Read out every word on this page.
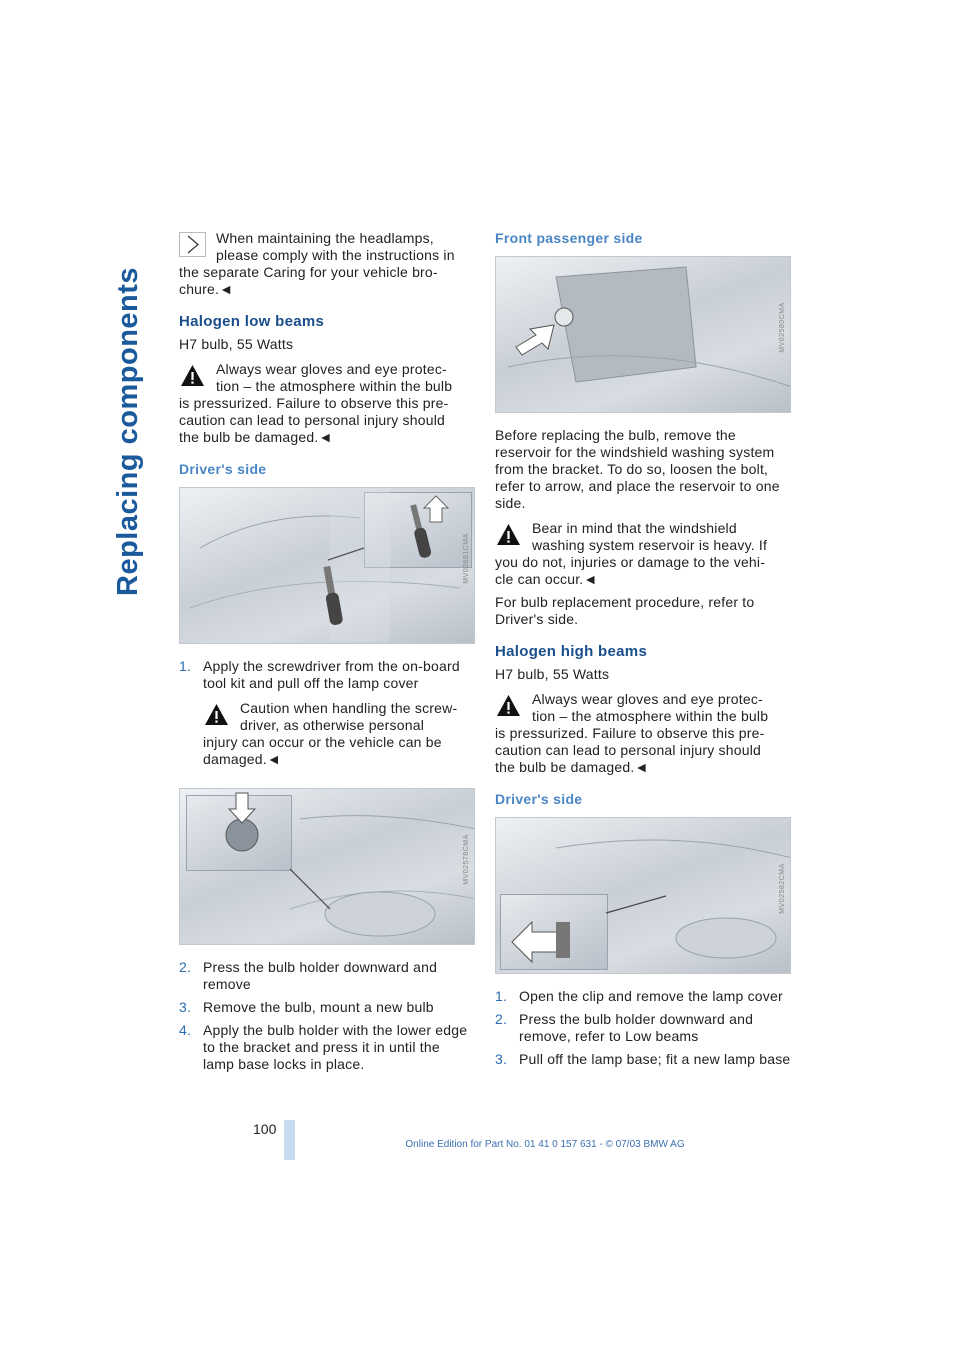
Replacing components
When maintaining the headlamps,
please comply with the instructions in
the separate Caring for your vehicle bro-
chure.◄
Halogen low beams

H7 bulb, 55 Watts

Always wear gloves and eye protec-
tion – the atmosphere within the bulb
is pressurized. Failure to observe this pre-
caution can lead to personal injury should
the bulb be damaged.◄
Driver's side
MV02681CMA
1. Apply the screwdriver from the on-board tool kit and pull off the lamp cover
Caution when handling the screw-
driver, as otherwise personal
injury can occur or the vehicle can be
damaged.◄
MV02578CMA
2. Press the bulb holder downward and remove
3. Remove the bulb, mount a new bulb
4. Apply the bulb holder with the lower edge to the bracket and press it in until the lamp base locks in place.
Front passenger side
MV02580CMA

Before replacing the bulb, remove the reservoir for the windshield washing system from the bracket. To do so, loosen the bolt, refer to arrow, and place the reservoir to one side.

Bear in mind that the windshield
washing system reservoir is heavy. If
you do not, injuries or damage to the vehi-
cle can occur.◄

For bulb replacement procedure, refer to Driver's side.

Halogen high beams

H7 bulb, 55 Watts

Always wear gloves and eye protec-
tion – the atmosphere within the bulb
is pressurized. Failure to observe this pre-
caution can lead to personal injury should
the bulb be damaged.◄
Driver's side
MV02582CMA
1. Open the clip and remove the lamp cover
2. Press the bulb holder downward and remove, refer to Low beams
3. Pull off the lamp base; fit a new lamp base
100
Online Edition for Part No. 01 41 0 157 631 - © 07/03 BMW AG
